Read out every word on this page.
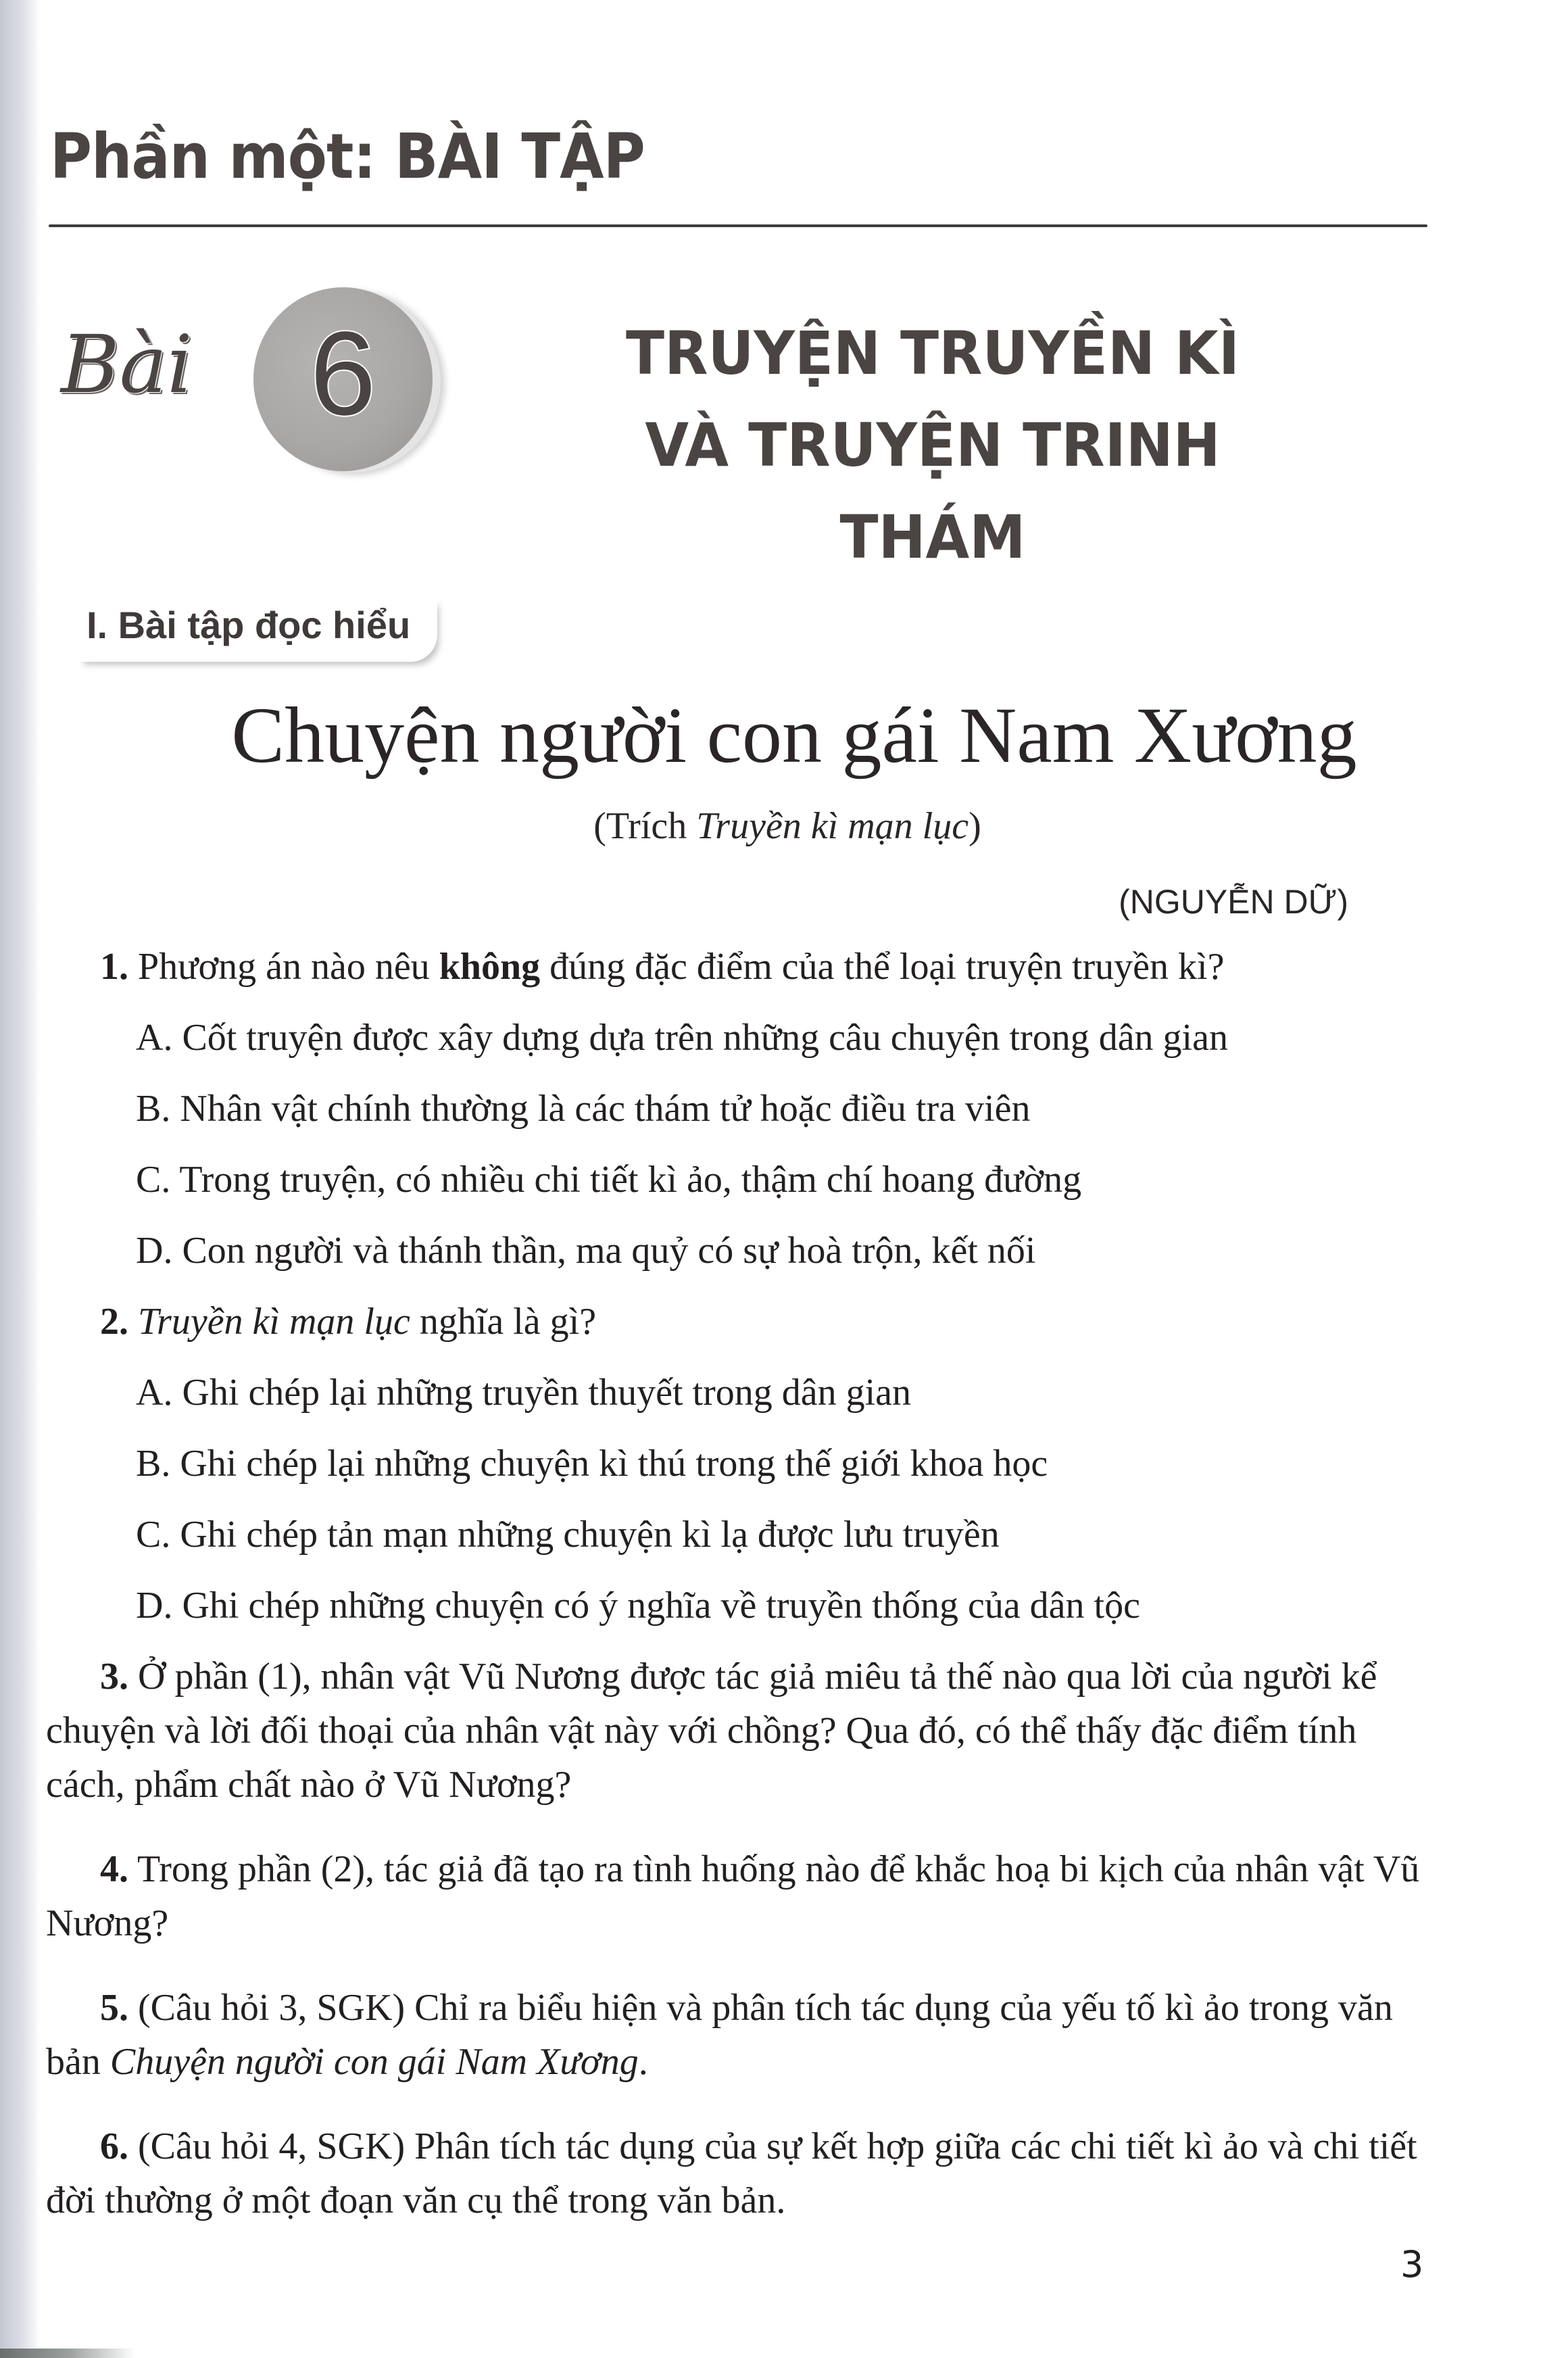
Phần một: BÀI TẬP
Bài 6	TRUYỆN TRUYỀN KÌ
VÀ TRUYỆN TRINH THÁM
I. Bài tập đọc hiểu
Chuyện người con gái Nam Xương
(Trích Truyền kì mạn lục)
(NGUYỄN DỮ)

1. Phương án nào nêu không đúng đặc điểm của thể loại truyện truyền kì?

A. Cốt truyện được xây dựng dựa trên những câu chuyện trong dân gian
B. Nhân vật chính thường là các thám tử hoặc điều tra viên
C. Trong truyện, có nhiều chi tiết kì ảo, thậm chí hoang đường
D. Con người và thánh thần, ma quỷ có sự hoà trộn, kết nối

2. Truyền kì mạn lục nghĩa là gì?

A. Ghi chép lại những truyền thuyết trong dân gian
B. Ghi chép lại những chuyện kì thú trong thế giới khoa học
C. Ghi chép tản mạn những chuyện kì lạ được lưu truyền
D. Ghi chép những chuyện có ý nghĩa về truyền thống của dân tộc

3. Ở phần (1), nhân vật Vũ Nương được tác giả miêu tả thế nào qua lời của người kể chuyện và lời đối thoại của nhân vật này với chồng? Qua đó, có thể thấy đặc điểm tính cách, phẩm chất nào ở Vũ Nương?

4. Trong phần (2), tác giả đã tạo ra tình huống nào để khắc hoạ bi kịch của nhân vật Vũ Nương?

5. (Câu hỏi 3, SGK) Chỉ ra biểu hiện và phân tích tác dụng của yếu tố kì ảo trong văn bản Chuyện người con gái Nam Xương.

6. (Câu hỏi 4, SGK) Phân tích tác dụng của sự kết hợp giữa các chi tiết kì ảo và chi tiết đời thường ở một đoạn văn cụ thể trong văn bản.

3
